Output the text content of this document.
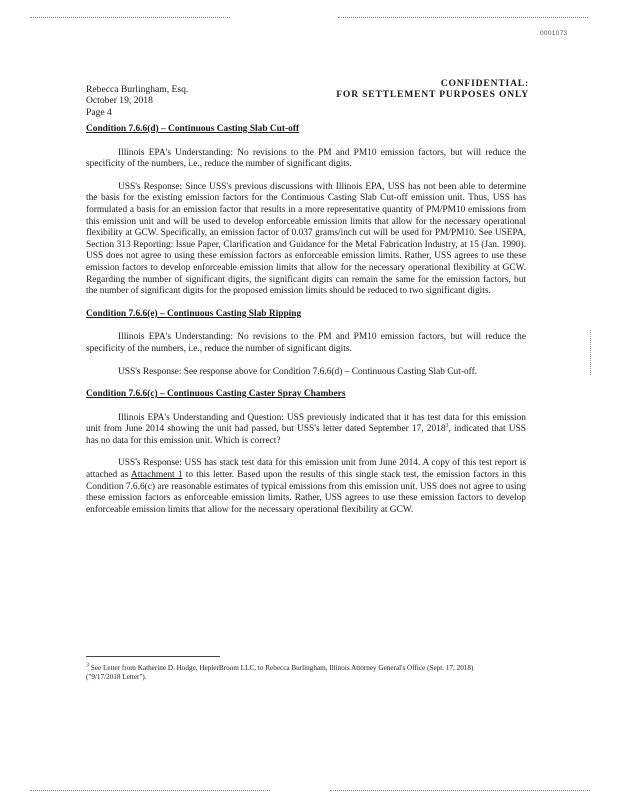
0001073
Rebecca Burlingham, Esq.
October 19, 2018
Page 4
CONFIDENTIAL:
FOR SETTLEMENT PURPOSES ONLY
Condition 7.6.6(d) – Continuous Casting Slab Cut-off

Illinois EPA's Understanding: No revisions to the PM and PM10 emission factors, but will reduce the specificity of the numbers, i.e., reduce the number of significant digits.

USS's Response: Since USS's previous discussions with Illinois EPA, USS has not been able to determine the basis for the existing emission factors for the Continuous Casting Slab Cut-off emission unit. Thus, USS has formulated a basis for an emission factor that results in a more representative quantity of PM/PM10 emissions from this emission unit and will be used to develop enforceable emission limits that allow for the necessary operational flexibility at GCW. Specifically, an emission factor of 0.037 grams/inch cut will be used for PM/PM10. See USEPA, Section 313 Reporting: Issue Paper, Clarification and Guidance for the Metal Fabrication Industry, at 15 (Jan. 1990). USS does not agree to using these emission factors as enforceable emission limits. Rather, USS agrees to use these emission factors to develop enforceable emission limits that allow for the necessary operational flexibility at GCW. Regarding the number of significant digits, the significant digits can remain the same for the emission factors, but the number of significant digits for the proposed emission limits should be reduced to two significant digits.

Condition 7.6.6(e) – Continuous Casting Slab Ripping

Illinois EPA's Understanding: No revisions to the PM and PM10 emission factors, but will reduce the specificity of the numbers, i.e., reduce the number of significant digits.

USS's Response: See response above for Condition 7.6.6(d) – Continuous Casting Slab Cut-off.

Condition 7.6.6(c) – Continuous Casting Caster Spray Chambers

Illinois EPA's Understanding and Question: USS previously indicated that it has test data for this emission unit from June 2014 showing the unit had passed, but USS's letter dated September 17, 2018$^3$, indicated that USS has no data for this emission unit. Which is correct?

USS's Response: USS has stack test data for this emission unit from June 2014. A copy of this test report is attached as Attachment 1 to this letter. Based upon the results of this single stack test, the emission factors in this Condition 7.6.6(c) are reasonable estimates of typical emissions from this emission unit. USS does not agree to using these emission factors as enforceable emission limits. Rather, USS agrees to use these emission factors to develop enforceable emission limits that allow for the necessary operational flexibility at GCW.

$^3$ See Letter from Katherine D. Hodge, HeplerBroom LLC, to Rebecca Burlingham, Illinois Attorney General's Office (Sept. 17, 2018) ("9/17/2018 Letter").
